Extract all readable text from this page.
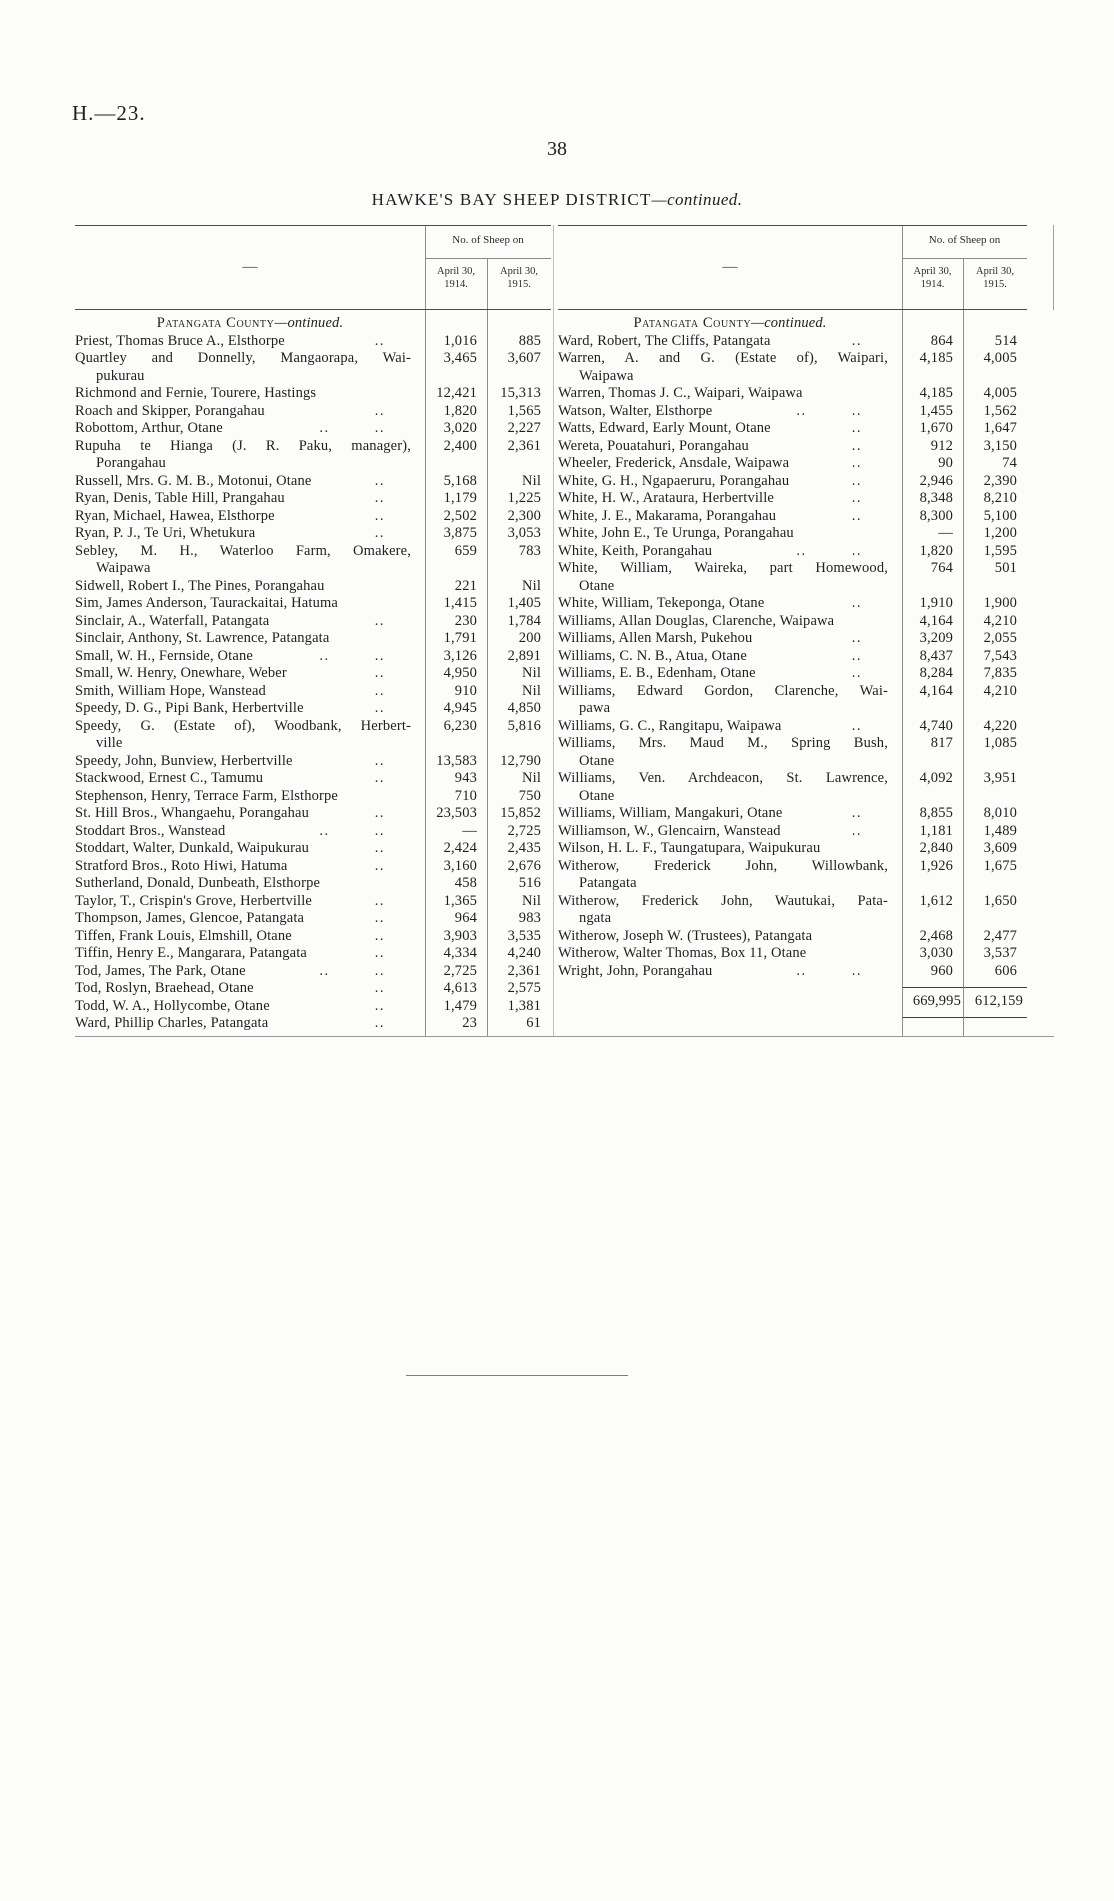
H.—23.
38
HAWKE'S BAY SHEEP DISTRICT—continued.
—
No. of Sheep on
April 30,
1914.
April 30,
1915.
Patangata County—ontinued.
Priest, Thomas Bruce A., Elsthorpe	..	1,016	885
Quartley and Donnelly, Mangaorapa, Wai-
pukurau
3,465	3,607
Richmond and Fernie, Tourere, Hastings	12,421	15,313
Roach and Skipper, Porangahau	..	1,820	1,565
Robottom, Arthur, Otane	.. ..	3,020	2,227
Rupuha te Hianga (J. R. Paku, manager),
Porangahau
2,400	2,361
Russell, Mrs. G. M. B., Motonui, Otane	..	5,168	Nil
Ryan, Denis, Table Hill, Prangahau	..	1,179	1,225
Ryan, Michael, Hawea, Elsthorpe	..	2,502	2,300
Ryan, P. J., Te Uri, Whetukura	..	3,875	3,053
Sebley, M. H., Waterloo Farm, Omakere,
Waipawa
659	783
Sidwell, Robert I., The Pines, Porangahau	221	Nil
Sim, James Anderson, Taurackaitai, Hatuma	1,415	1,405
Sinclair, A., Waterfall, Patangata	..	230	1,784
Sinclair, Anthony, St. Lawrence, Patangata	1,791	200
Small, W. H., Fernside, Otane	.. ..	3,126	2,891
Small, W. Henry, Onewhare, Weber	..	4,950	Nil
Smith, William Hope, Wanstead	..	910	Nil
Speedy, D. G., Pipi Bank, Herbertville	..	4,945	4,850
Speedy, G. (Estate of), Woodbank, Herbert-
ville
6,230	5,816
Speedy, John, Bunview, Herbertville	..	13,583	12,790
Stackwood, Ernest C., Tamumu	..	943	Nil
Stephenson, Henry, Terrace Farm, Elsthorpe	710	750
St. Hill Bros., Whangaehu, Porangahau	..	23,503	15,852
Stoddart Bros., Wanstead	.. ..	—	2,725
Stoddart, Walter, Dunkald, Waipukurau	..	2,424	2,435
Stratford Bros., Roto Hiwi, Hatuma	..	3,160	2,676
Sutherland, Donald, Dunbeath, Elsthorpe	458	516
Taylor, T., Crispin's Grove, Herbertville	..	1,365	Nil
Thompson, James, Glencoe, Patangata	..	964	983
Tiffen, Frank Louis, Elmshill, Otane	..	3,903	3,535
Tiffin, Henry E., Mangarara, Patangata	..	4,334	4,240
Tod, James, The Park, Otane	.. ..	2,725	2,361
Tod, Roslyn, Braehead, Otane	..	4,613	2,575
Todd, W. A., Hollycombe, Otane	..	1,479	1,381
Ward, Phillip Charles, Patangata	..	23	61
—
No. of Sheep on
April 30,
1914.
April 30,
1915.
Patangata County—continued.
Ward, Robert, The Cliffs, Patangata	..	864	514
Warren, A. and G. (Estate of), Waipari,
Waipawa
4,185	4,005
Warren, Thomas J. C., Waipari, Waipawa	4,185	4,005
Watson, Walter, Elsthorpe	.. ..	1,455	1,562
Watts, Edward, Early Mount, Otane	..	1,670	1,647
Wereta, Pouatahuri, Porangahau	..	912	3,150
Wheeler, Frederick, Ansdale, Waipawa	..	90	74
White, G. H., Ngapaeruru, Porangahau	..	2,946	2,390
White, H. W., Arataura, Herbertville	..	8,348	8,210
White, J. E., Makarama, Porangahau	..	8,300	5,100
White, John E., Te Urunga, Porangahau	—	1,200
White, Keith, Porangahau	.. ..	1,820	1,595
White, William, Waireka, part Homewood,
Otane
764	501
White, William, Tekeponga, Otane	..	1,910	1,900
Williams, Allan Douglas, Clarenche, Waipawa	4,164	4,210
Williams, Allen Marsh, Pukehou	..	3,209	2,055
Williams, C. N. B., Atua, Otane	..	8,437	7,543
Williams, E. B., Edenham, Otane	..	8,284	7,835
Williams, Edward Gordon, Clarenche, Wai-
pawa
4,164	4,210
Williams, G. C., Rangitapu, Waipawa	..	4,740	4,220
Williams, Mrs. Maud M., Spring Bush,
Otane
817	1,085
Williams, Ven. Archdeacon, St. Lawrence,
Otane
4,092	3,951
Williams, William, Mangakuri, Otane	..	8,855	8,010
Williamson, W., Glencairn, Wanstead	..	1,181	1,489
Wilson, H. L. F., Taungatupara, Waipukurau	2,840	3,609
Witherow, Frederick John, Willowbank,
Patangata
1,926	1,675
Witherow, Frederick John, Wautukai, Pata-
ngata
1,612	1,650
Witherow, Joseph W. (Trustees), Patangata	2,468	2,477
Witherow, Walter Thomas, Box 11, Otane	3,030	3,537
Wright, John, Porangahau	.. ..	960	606
669,995 612,159
